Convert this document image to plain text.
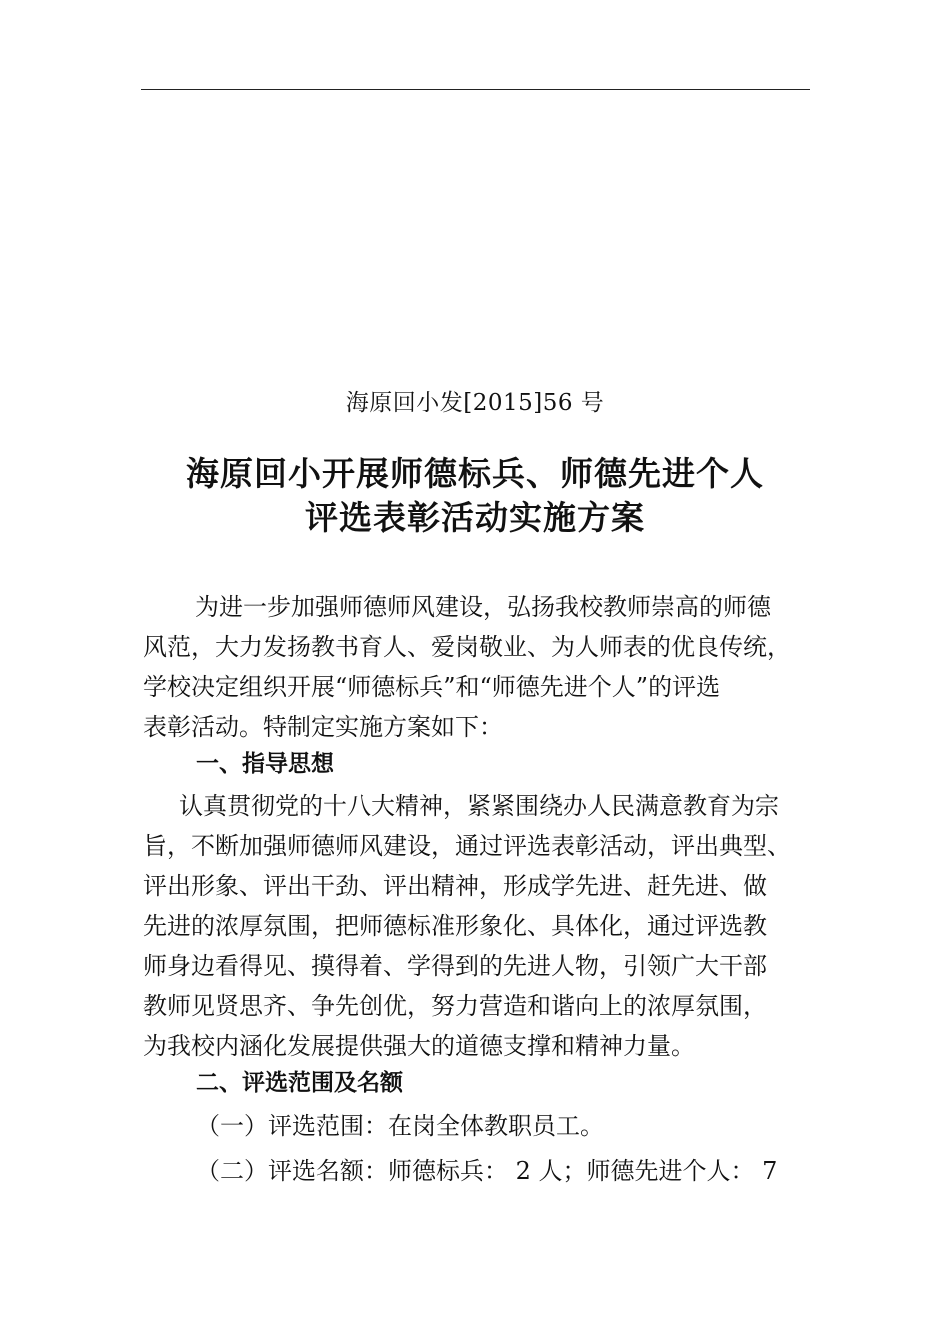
海原回小发[2015]56 号
海原回小开展师德标兵、师德先进个人
评选表彰活动实施方案
为进一步加强师德师风建设，弘扬我校教师崇高的师德
风范，大力发扬教书育人、爱岗敬业、为人师表的优良传统，
学校决定组织开展“师德标兵”和“师德先进个人”的评选
表彰活动。特制定实施方案如下：
一、指导思想
认真贯彻党的十八大精神，紧紧围绕办人民满意教育为宗
旨，不断加强师德师风建设，通过评选表彰活动，评出典型、
评出形象、评出干劲、评出精神，形成学先进、赶先进、做
先进的浓厚氛围，把师德标准形象化、具体化，通过评选教
师身边看得见、摸得着、学得到的先进人物，引领广大干部
教师见贤思齐、争先创优，努力营造和谐向上的浓厚氛围，
为我校内涵化发展提供强大的道德支撑和精神力量。
二、评选范围及名额
（一）评选范围：在岗全体教职员工。
（二）评选名额：师德标兵： 2 人；师德先进个人： 7
